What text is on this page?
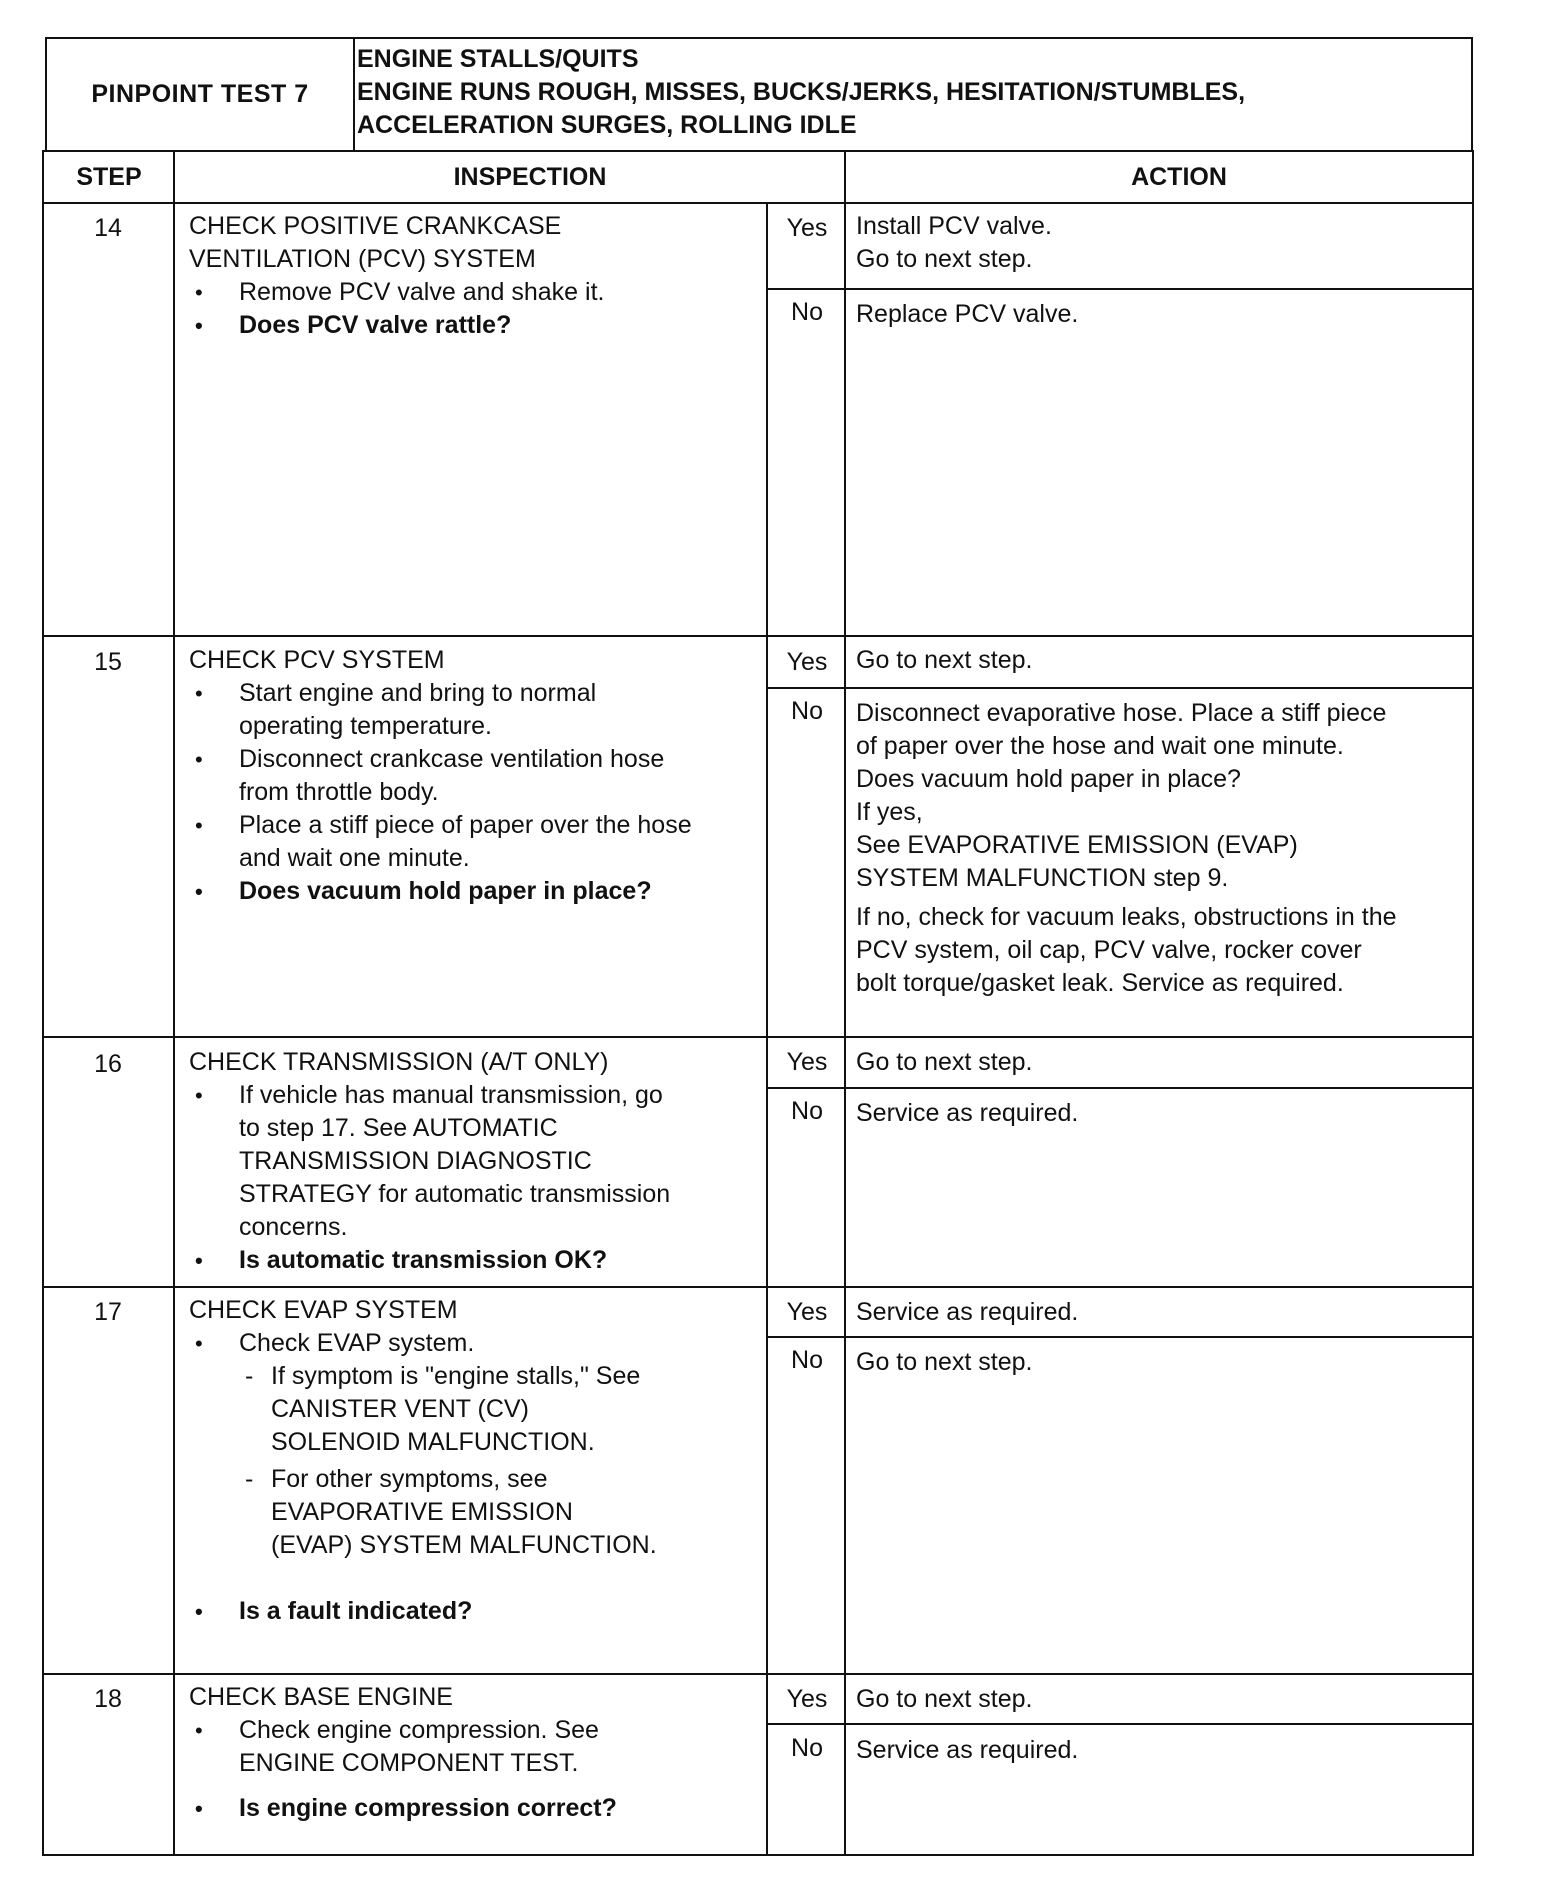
PINPOINT TEST 7
ENGINE STALLS/QUITS
ENGINE RUNS ROUGH, MISSES, BUCKS/JERKS, HESITATION/STUMBLES,
ACCELERATION SURGES, ROLLING IDLE
STEP	INSPECTION	ACTION
14	CHECK POSITIVE CRANKCASE
VENTILATION (PCV) SYSTEM
• Remove PCV valve and shake it.
• Does PCV valve rattle?
Yes	Install PCV valve.
Go to next step.
No	Replace PCV valve.
15	CHECK PCV SYSTEM
• Start engine and bring to normal
operating temperature.
• Disconnect crankcase ventilation hose
from throttle body.
• Place a stiff piece of paper over the hose
and wait one minute.
• Does vacuum hold paper in place?
Yes	Go to next step.
No	Disconnect evaporative hose. Place a stiff piece
of paper over the hose and wait one minute.
Does vacuum hold paper in place?
If yes,
See EVAPORATIVE EMISSION (EVAP)
SYSTEM MALFUNCTION step 9.
If no, check for vacuum leaks, obstructions in the
PCV system, oil cap, PCV valve, rocker cover
bolt torque/gasket leak. Service as required.
16	CHECK TRANSMISSION (A/T ONLY)
• If vehicle has manual transmission, go
to step 17. See AUTOMATIC
TRANSMISSION DIAGNOSTIC
STRATEGY for automatic transmission
concerns.
• Is automatic transmission OK?
Yes	Go to next step.
No	Service as required.
17	CHECK EVAP SYSTEM
• Check EVAP system.
- If symptom is "engine stalls," See
CANISTER VENT (CV)
SOLENOID MALFUNCTION.
- For other symptoms, see
EVAPORATIVE EMISSION
(EVAP) SYSTEM MALFUNCTION.
• Is a fault indicated?
Yes	Service as required.
No	Go to next step.
18	CHECK BASE ENGINE
• Check engine compression. See
ENGINE COMPONENT TEST.
• Is engine compression correct?
Yes	Go to next step.
No	Service as required.
